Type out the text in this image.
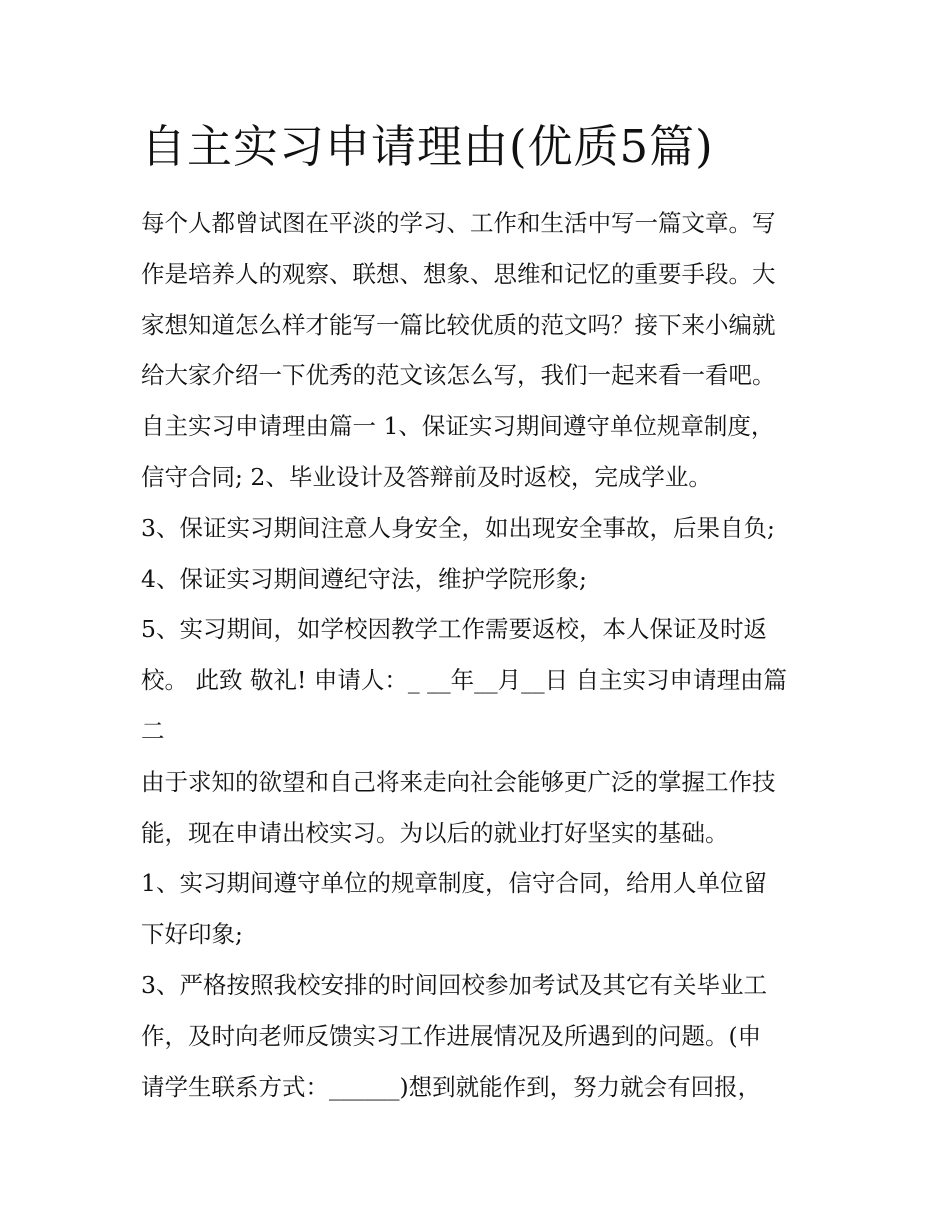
自主实习申请理由(优质5篇)
每个人都曾试图在平淡的学习、工作和生活中写一篇文章。写
作是培养人的观察、联想、想象、思维和记忆的重要手段。大
家想知道怎么样才能写一篇比较优质的范文吗？接下来小编就
给大家介绍一下优秀的范文该怎么写，我们一起来看一看吧。
自主实习申请理由篇一 1、保证实习期间遵守单位规章制度，
信守合同; 2、毕业设计及答辩前及时返校，完成学业。
3、保证实习期间注意人身安全，如出现安全事故，后果自负;
4、保证实习期间遵纪守法，维护学院形象;
5、实习期间，如学校因教学工作需要返校，本人保证及时返
校。 此致 敬礼! 申请人：_ __年__月__日 自主实习申请理由篇
二
由于求知的欲望和自己将来走向社会能够更广泛的掌握工作技
能，现在申请出校实习。为以后的就业打好坚实的基础。
1、实习期间遵守单位的规章制度，信守合同，给用人单位留
下好印象;
3、严格按照我校安排的时间回校参加考试及其它有关毕业工
作，及时向老师反馈实习工作进展情况及所遇到的问题。(申
请学生联系方式：______)想到就能作到，努力就会有回报，
